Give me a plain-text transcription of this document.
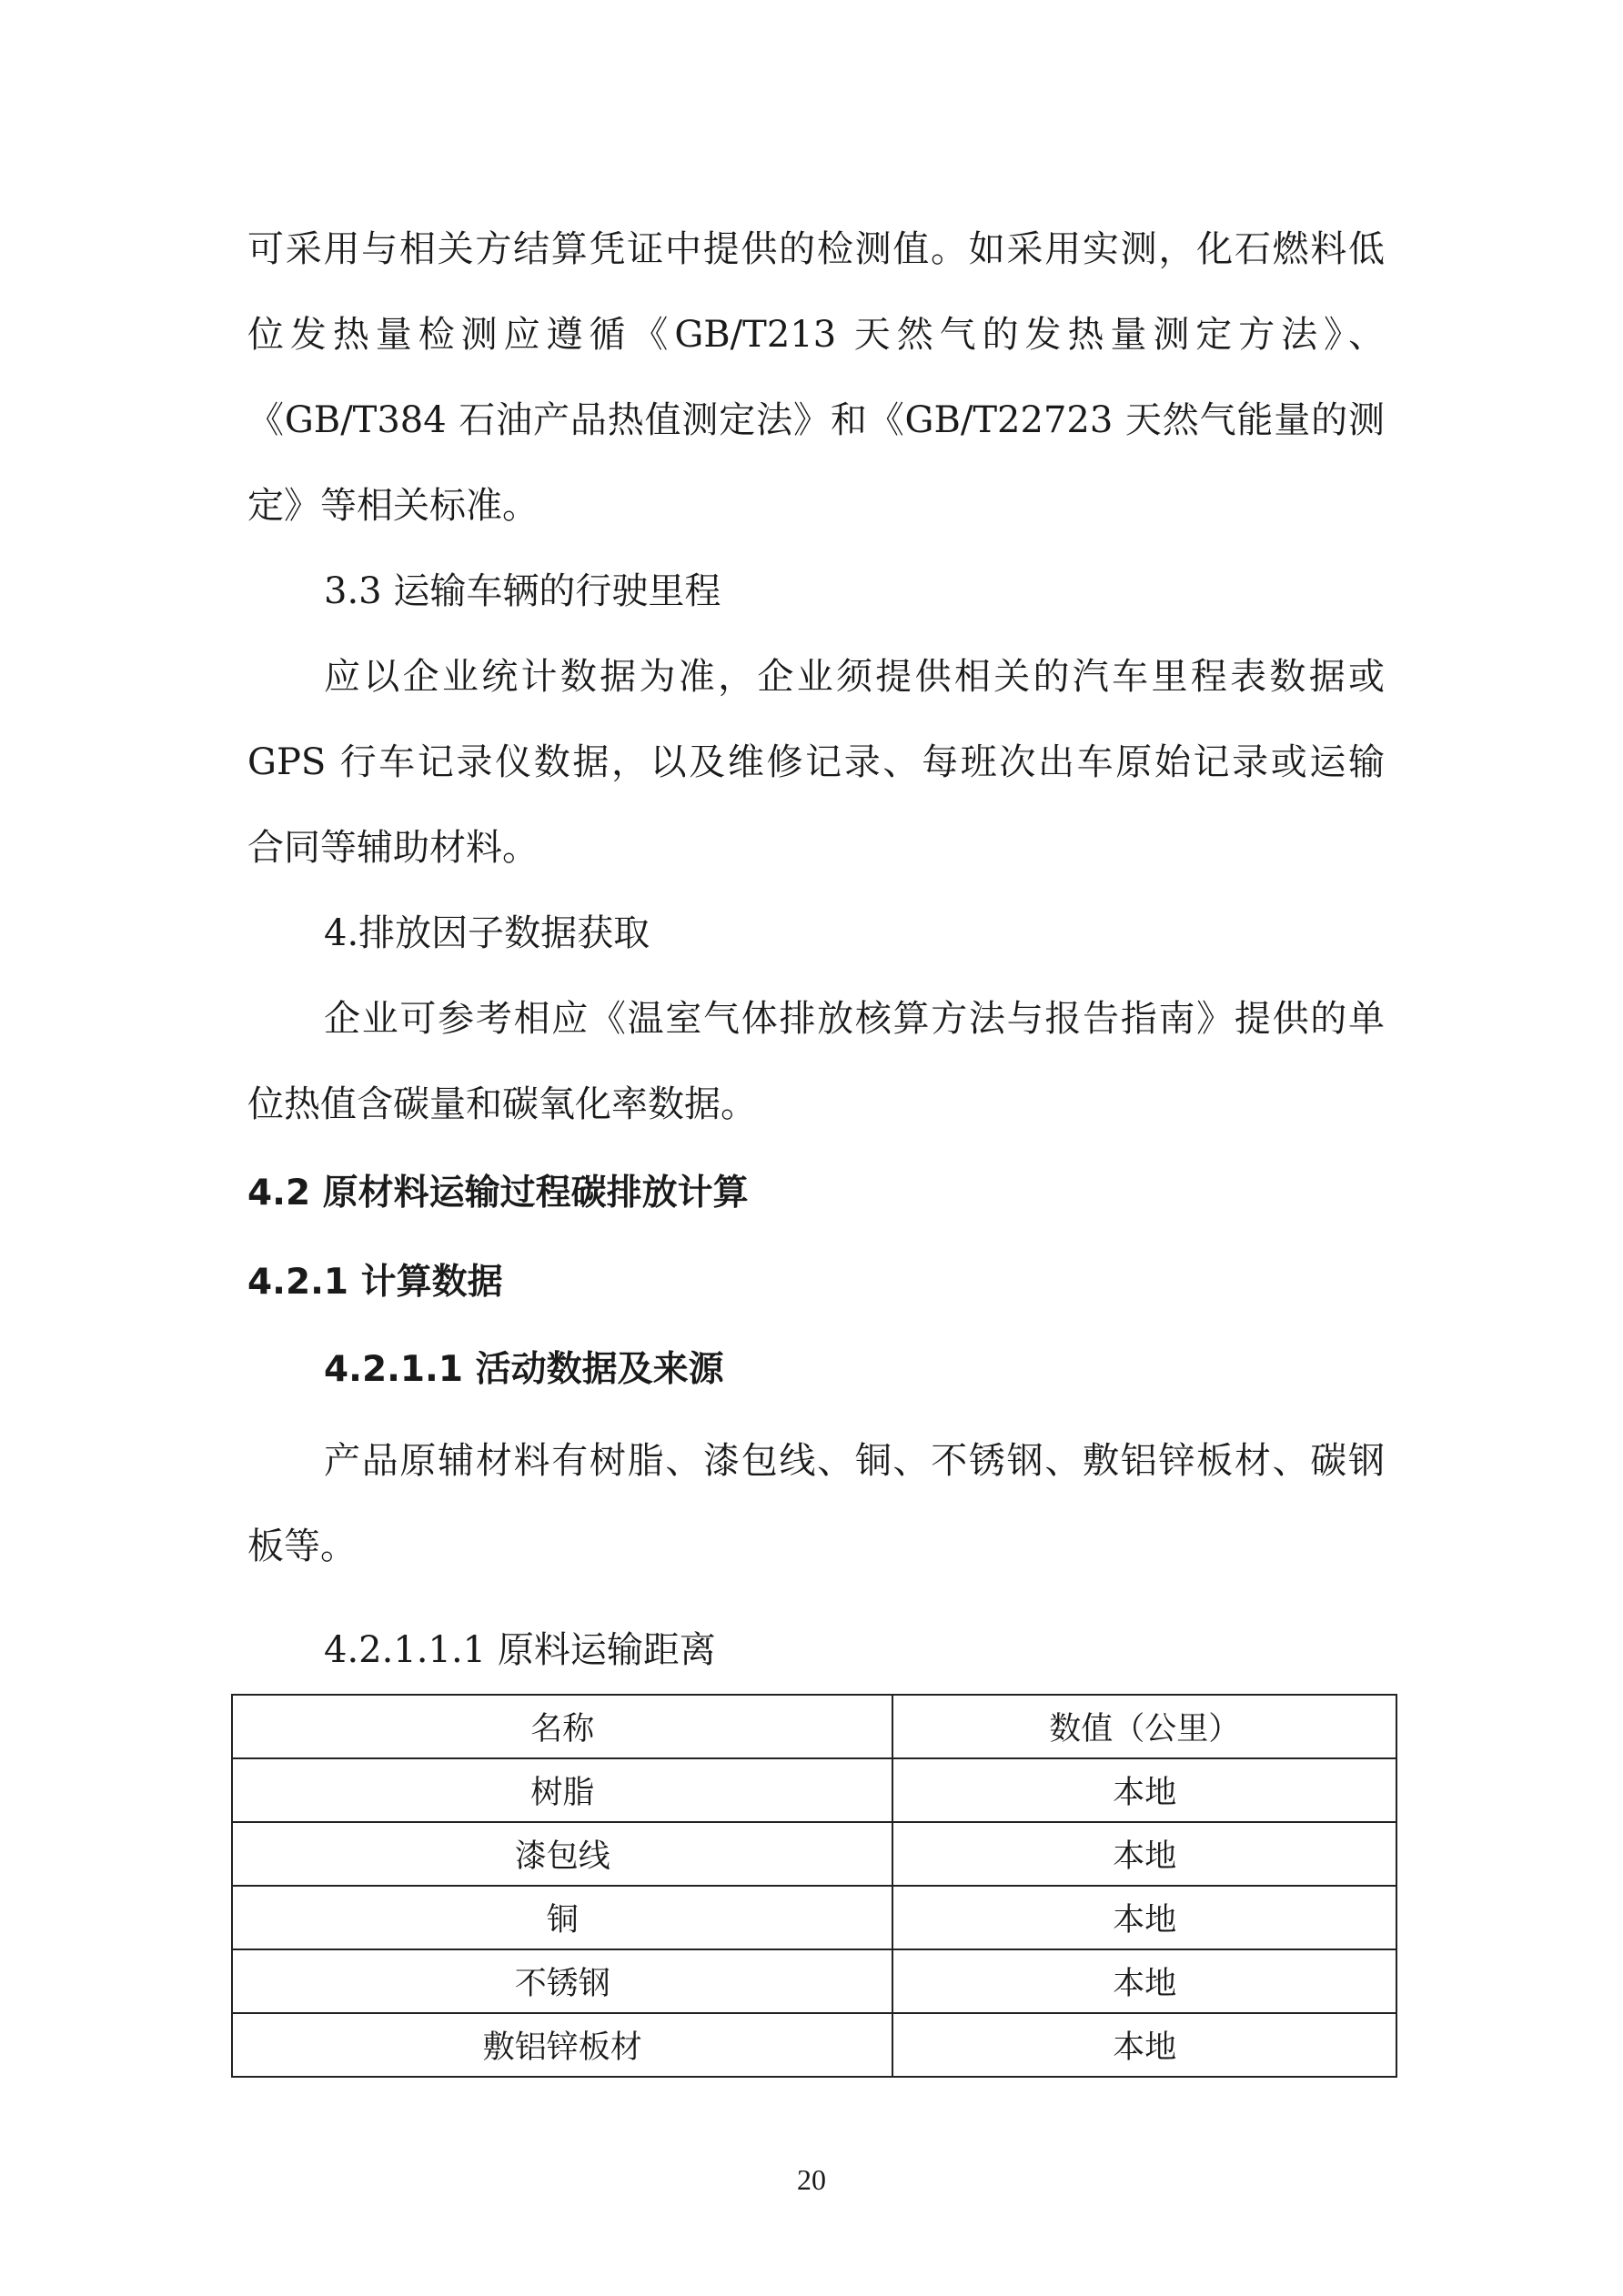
可采用与相关方结算凭证中提供的检测值。如采用实测，化石燃料低

位发热量检测应遵循《GB/T213 天然气的发热量测定方法》、

《GB/T384 石油产品热值测定法》和《GB/T22723 天然气能量的测

定》等相关标准。

3.3 运输车辆的行驶里程

应以企业统计数据为准，企业须提供相关的汽车里程表数据或

GPS 行车记录仪数据，以及维修记录、每班次出车原始记录或运输

合同等辅助材料。

4.排放因子数据获取

企业可参考相应《温室气体排放核算方法与报告指南》提供的单

位热值含碳量和碳氧化率数据。

4.2 原材料运输过程碳排放计算

4.2.1 计算数据

4.2.1.1 活动数据及来源

产品原辅材料有树脂、漆包线、铜、不锈钢、敷铝锌板材、碳钢

板等。

4.2.1.1.1 原料运输距离

名称	数值（公里）
树脂	本地
漆包线	本地
铜	本地
不锈钢	本地
敷铝锌板材	本地
20
